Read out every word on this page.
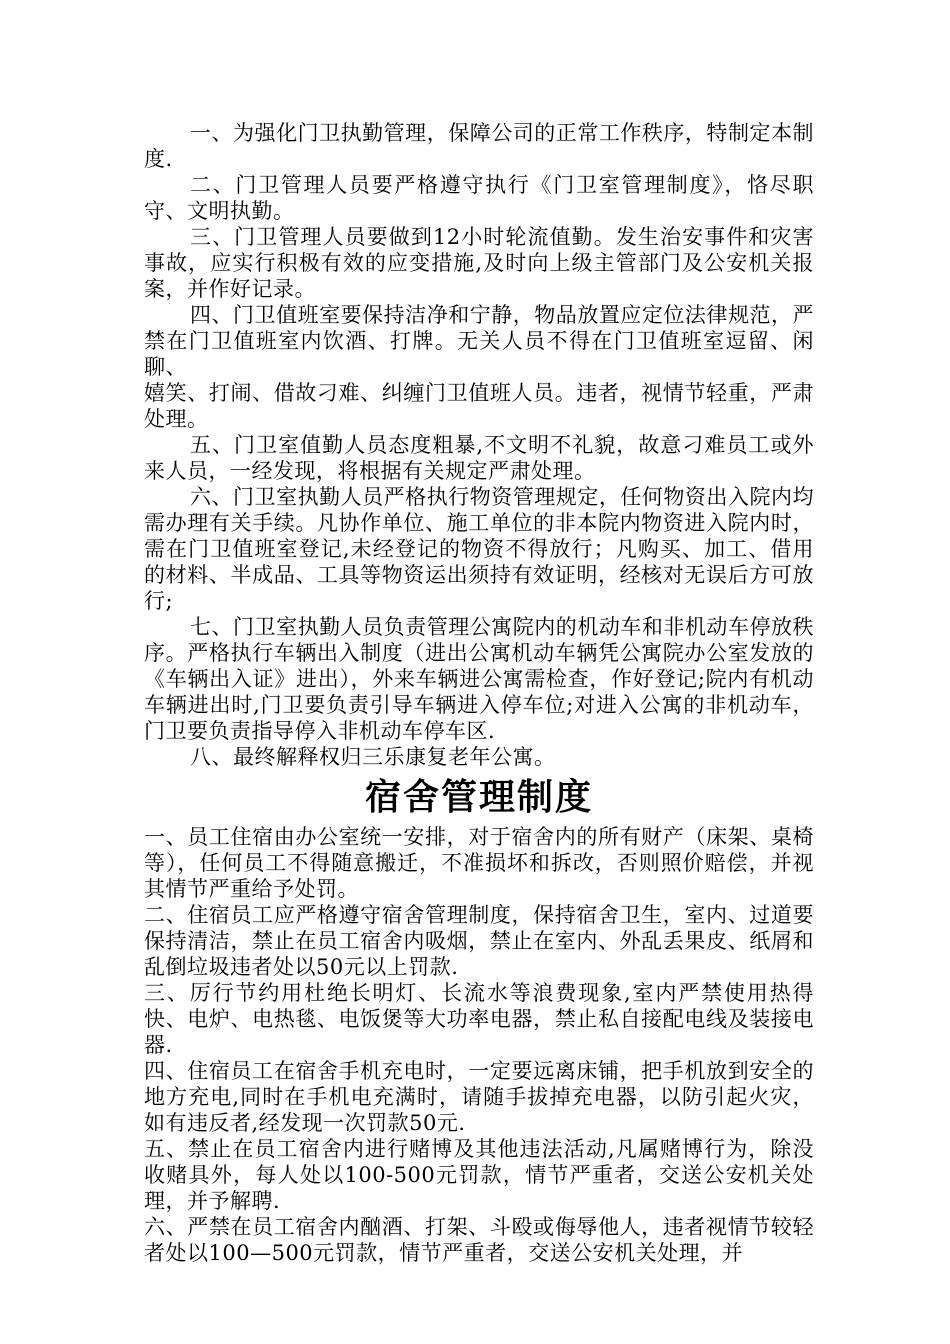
一、为强化门卫执勤管理，保障公司的正常工作秩序，特制定本制度.

二、门卫管理人员要严格遵守执行《门卫室管理制度》，恪尽职守、文明执勤。

三、门卫管理人员要做到12小时轮流值勤。发生治安事件和灾害事故，应实行积极有效的应变措施,及时向上级主管部门及公安机关报案，并作好记录。

四、门卫值班室要保持洁净和宁静，物品放置应定位法律规范，严禁在门卫值班室内饮酒、打牌。无关人员不得在门卫值班室逗留、闲聊、

嬉笑、打闹、借故刁难、纠缠门卫值班人员。违者，视情节轻重，严肃处理。

五、门卫室值勤人员态度粗暴,不文明不礼貌，故意刁难员工或外来人员，一经发现，将根据有关规定严肃处理。

六、门卫室执勤人员严格执行物资管理规定，任何物资出入院内均需办理有关手续。凡协作单位、施工单位的非本院内物资进入院内时，需在门卫值班室登记,未经登记的物资不得放行；凡购买、加工、借用的材料、半成品、工具等物资运出须持有效证明，经核对无误后方可放行;

七、门卫室执勤人员负责管理公寓院内的机动车和非机动车停放秩序。严格执行车辆出入制度（进出公寓机动车辆凭公寓院办公室发放的《车辆出入证》进出），外来车辆进公寓需检查，作好登记;院内有机动车辆进出时,门卫要负责引导车辆进入停车位;对进入公寓的非机动车，门卫要负责指导停入非机动车停车区.

八、最终解释权归三乐康复老年公寓。

宿舍管理制度

一、员工住宿由办公室统一安排，对于宿舍内的所有财产（床架、桌椅等），任何员工不得随意搬迁，不准损坏和拆改，否则照价赔偿，并视其情节严重给予处罚。

二、住宿员工应严格遵守宿舍管理制度，保持宿舍卫生，室内、过道要保持清洁，禁止在员工宿舍内吸烟，禁止在室内、外乱丢果皮、纸屑和乱倒垃圾违者处以50元以上罚款.

三、厉行节约用杜绝长明灯、长流水等浪费现象,室内严禁使用热得快、电炉、电热毯、电饭煲等大功率电器，禁止私自接配电线及装接电器.

四、住宿员工在宿舍手机充电时，一定要远离床铺，把手机放到安全的地方充电,同时在手机电充满时，请随手拔掉充电器，以防引起火灾，如有违反者,经发现一次罚款50元.

五、禁止在员工宿舍内进行赌博及其他违法活动,凡属赌博行为，除没收赌具外，每人处以100-500元罚款，情节严重者，交送公安机关处理，并予解聘.

六、严禁在员工宿舍内酗酒、打架、斗殴或侮辱他人，违者视情节较轻者处以100—500元罚款，情节严重者，交送公安机关处理，并
